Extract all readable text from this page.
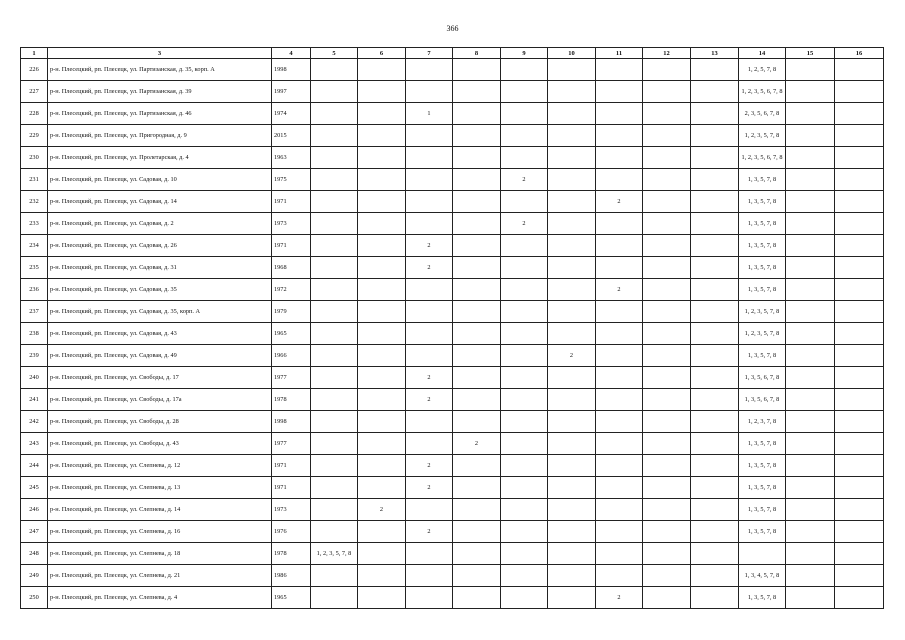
366
1	3	4	5	6	7	8	9	10	11	12	13	14	15	16
226	р-н. Плесецкий, рп. Плесецк, ул. Партизанская, д. 35, корп. А	1998										1, 2, 5, 7, 8		
227	р-н. Плесецкий, рп. Плесецк, ул. Партизанская, д. 39	1997										1, 2, 3, 5, 6, 7, 8		
228	р-н. Плесецкий, рп. Плесецк, ул. Партизанская, д. 46	1974			1							2, 3, 5, 6, 7, 8		
229	р-н. Плесецкий, рп. Плесецк, ул. Пригородная, д. 9	2015										1, 2, 3, 5, 7, 8		
230	р-н. Плесецкий, рп. Плесецк, ул. Пролетарская, д. 4	1963										1, 2, 3, 5, 6, 7, 8		
231	р-н. Плесецкий, рп. Плесецк, ул. Садовая, д. 10	1975					2					1, 3, 5, 7, 8		
232	р-н. Плесецкий, рп. Плесецк, ул. Садовая, д. 14	1971							2			1, 3, 5, 7, 8		
233	р-н. Плесецкий, рп. Плесецк, ул. Садовая, д. 2	1973					2					1, 3, 5, 7, 8		
234	р-н. Плесецкий, рп. Плесецк, ул. Садовая, д. 26	1971			2							1, 3, 5, 7, 8		
235	р-н. Плесецкий, рп. Плесецк, ул. Садовая, д. 31	1968			2							1, 3, 5, 7, 8		
236	р-н. Плесецкий, рп. Плесецк, ул. Садовая, д. 35	1972							2			1, 3, 5, 7, 8		
237	р-н. Плесецкий, рп. Плесецк, ул. Садовая, д. 35, корп. А	1979										1, 2, 3, 5, 7, 8		
238	р-н. Плесецкий, рп. Плесецк, ул. Садовая, д. 43	1965										1, 2, 3, 5, 7, 8		
239	р-н. Плесецкий, рп. Плесецк, ул. Садовая, д. 49	1966						2				1, 3, 5, 7, 8		
240	р-н. Плесецкий, рп. Плесецк, ул. Свободы, д. 17	1977			2							1, 3, 5, 6, 7, 8		
241	р-н. Плесецкий, рп. Плесецк, ул. Свободы, д. 17а	1978			2							1, 3, 5, 6, 7, 8		
242	р-н. Плесецкий, рп. Плесецк, ул. Свободы, д. 28	1998										1, 2, 3, 7, 8		
243	р-н. Плесецкий, рп. Плесецк, ул. Свободы, д. 43	1977				2						1, 3, 5, 7, 8		
244	р-н. Плесецкий, рп. Плесецк, ул. Слепнева, д. 12	1971			2							1, 3, 5, 7, 8		
245	р-н. Плесецкий, рп. Плесецк, ул. Слепнева, д. 13	1971			2							1, 3, 5, 7, 8		
246	р-н. Плесецкий, рп. Плесецк, ул. Слепнева, д. 14	1973		2								1, 3, 5, 7, 8		
247	р-н. Плесецкий, рп. Плесецк, ул. Слепнева, д. 16	1976			2							1, 3, 5, 7, 8		
248	р-н. Плесецкий, рп. Плесецк, ул. Слепнева, д. 18	1978	1, 2, 3, 5, 7, 8											
249	р-н. Плесецкий, рп. Плесецк, ул. Слепнева, д. 21	1986										1, 3, 4, 5, 7, 8		
250	р-н. Плесецкий, рп. Плесецк, ул. Слепнева, д. 4	1965							2			1, 3, 5, 7, 8		
